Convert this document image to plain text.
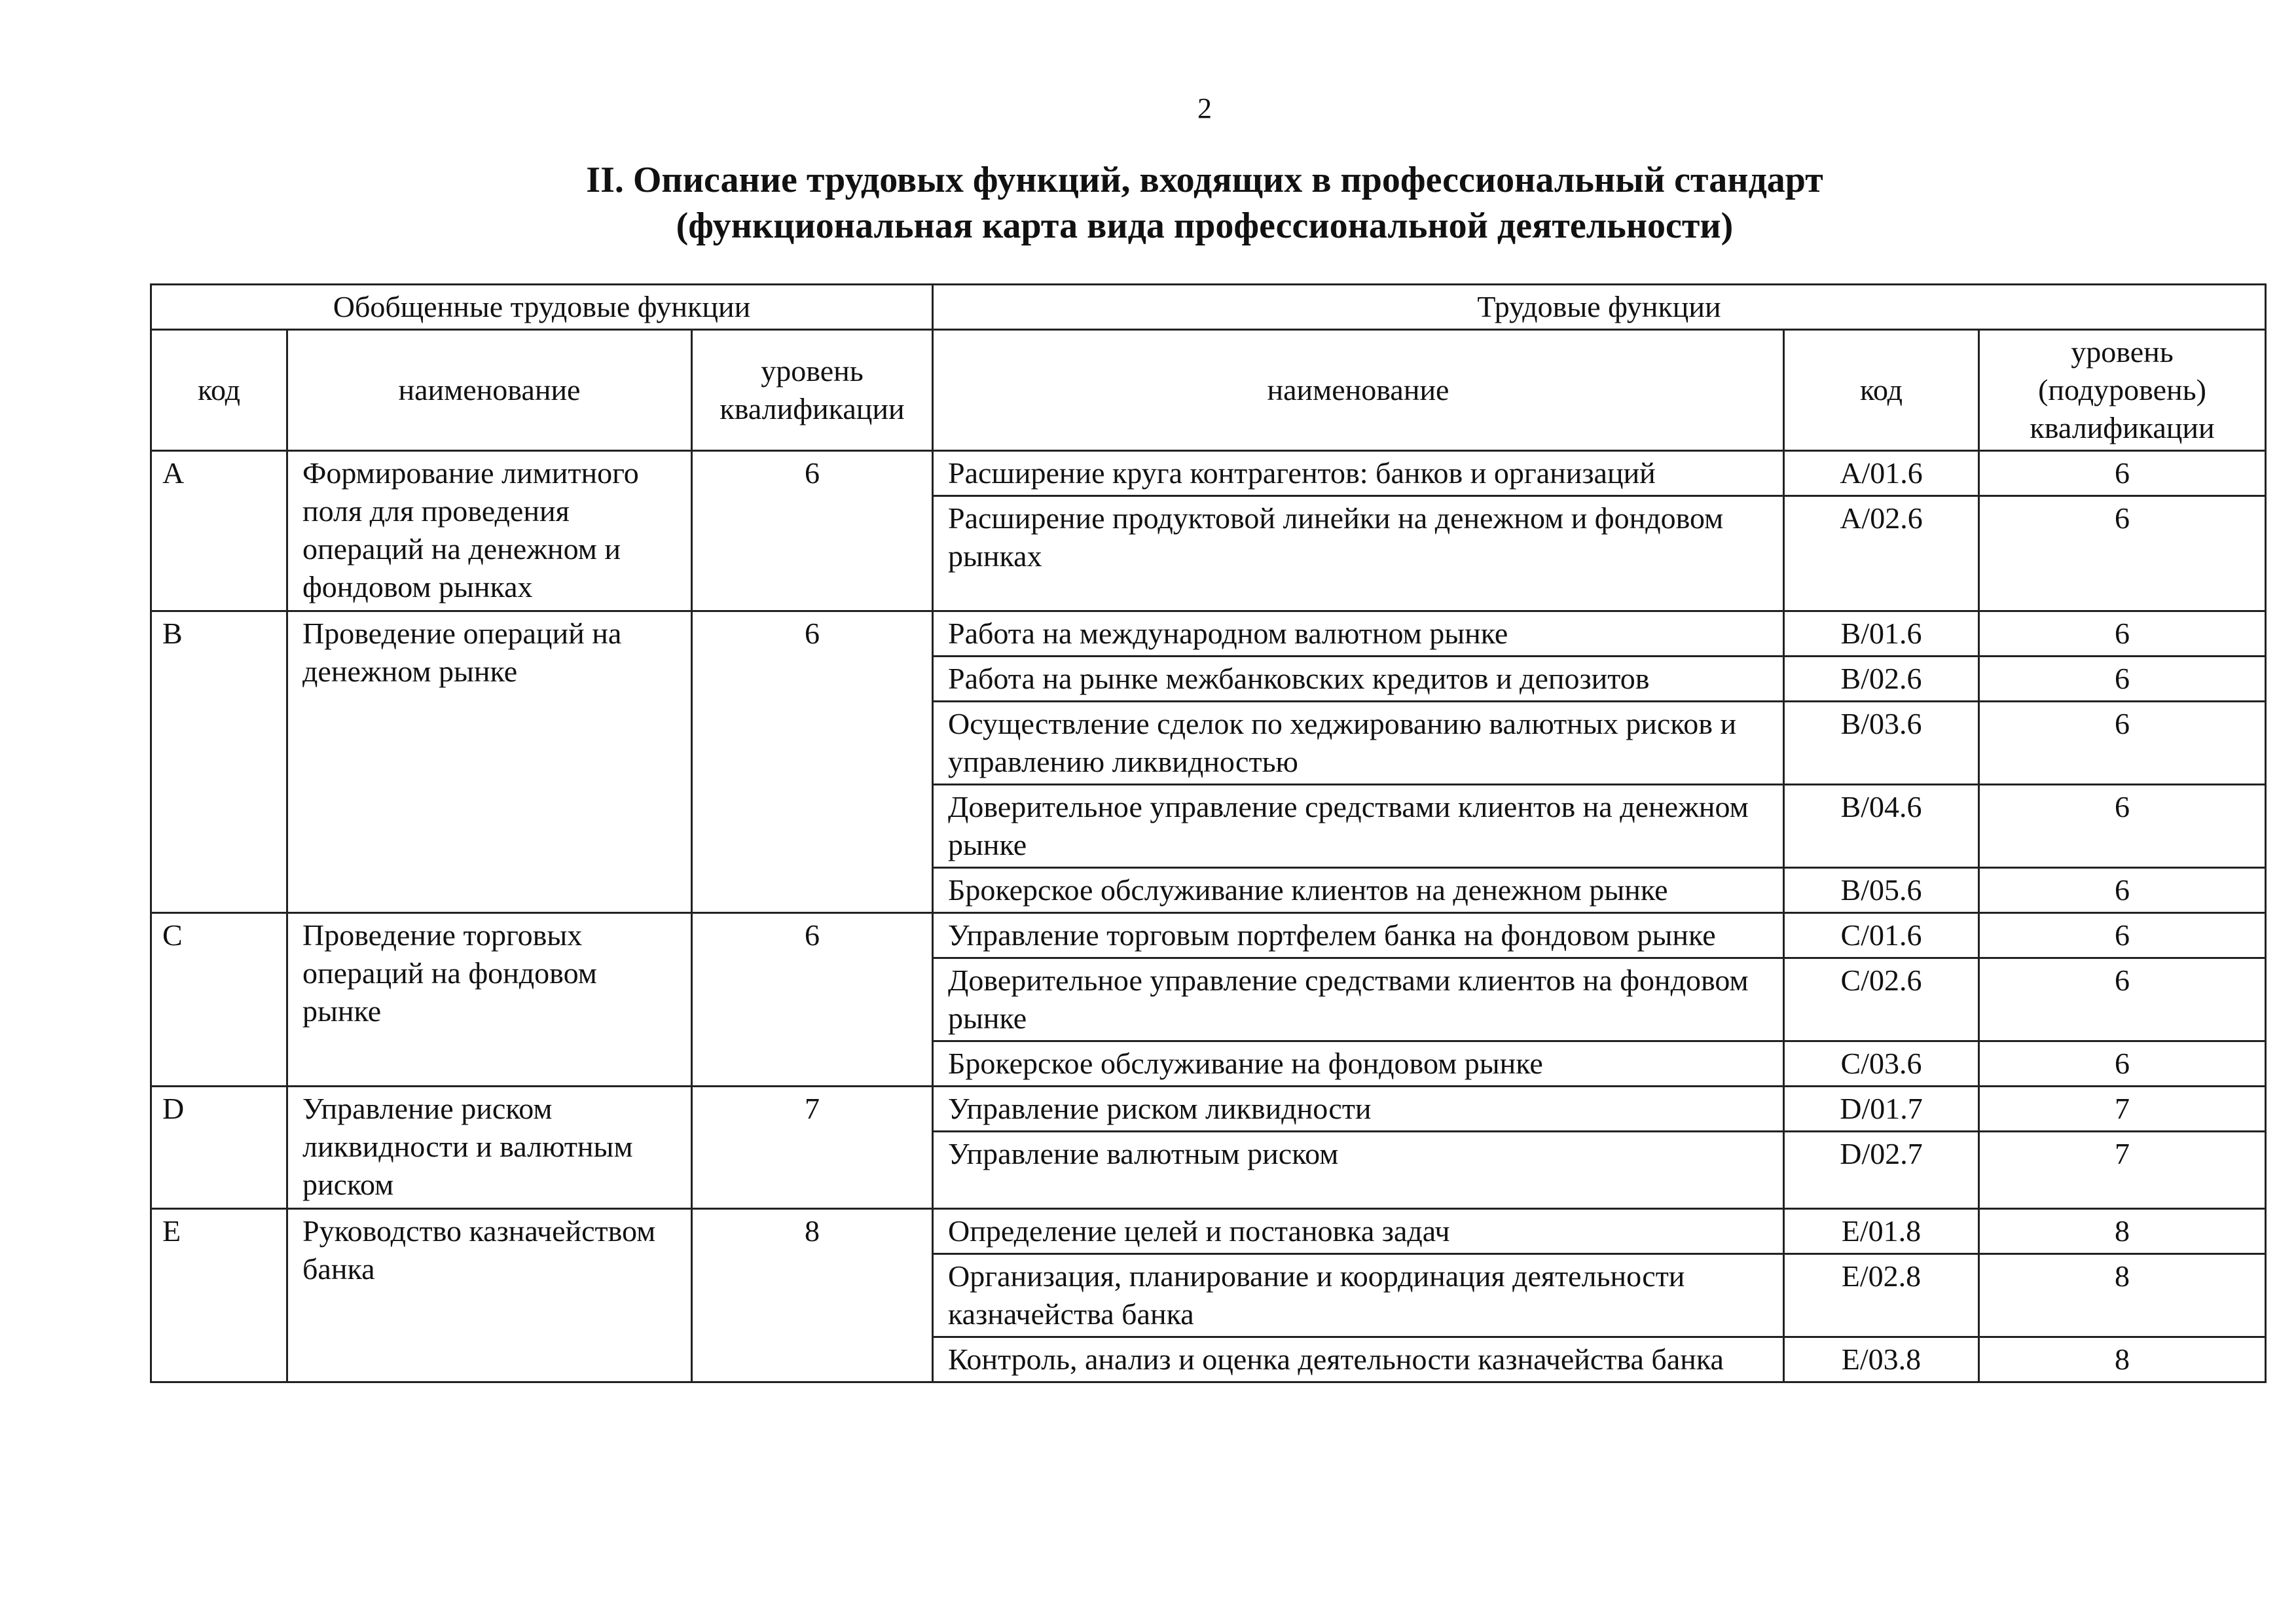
2
II. Описание трудовых функций, входящих в профессиональный стандарт
(функциональная карта вида профессиональной деятельности)
Обобщенные трудовые функции			Трудовые функции		
код	наименование	уровень квалификации	наименование	код	уровень (подуровень) квалификации
A	Формирование лимитного поля для проведения операций на денежном и фондовом рынках	6	Расширение круга контрагентов: банков и организаций	A/01.6	6
			Расширение продуктовой линейки на денежном и фондовом рынках	A/02.6	6
B	Проведение операций на денежном рынке	6	Работа на международном валютном рынке	B/01.6	6
			Работа на рынке межбанковских кредитов и депозитов	B/02.6	6
			Осуществление сделок по хеджированию валютных рисков и управлению ликвидностью	B/03.6	6
			Доверительное управление средствами клиентов на денежном рынке	B/04.6	6
			Брокерское обслуживание клиентов на денежном рынке	B/05.6	6
C	Проведение торговых операций на фондовом рынке	6	Управление торговым портфелем банка на фондовом рынке	C/01.6	6
			Доверительное управление средствами клиентов на фондовом рынке	C/02.6	6
			Брокерское обслуживание на фондовом рынке	C/03.6	6
D	Управление риском ликвидности и валютным риском	7	Управление риском ликвидности	D/01.7	7
			Управление валютным риском	D/02.7	7
E	Руководство казначейством банка	8	Определение целей и постановка задач	E/01.8	8
			Организация, планирование и координация деятельности казначейства банка	E/02.8	8
			Контроль, анализ и оценка деятельности казначейства банка	E/03.8	8
